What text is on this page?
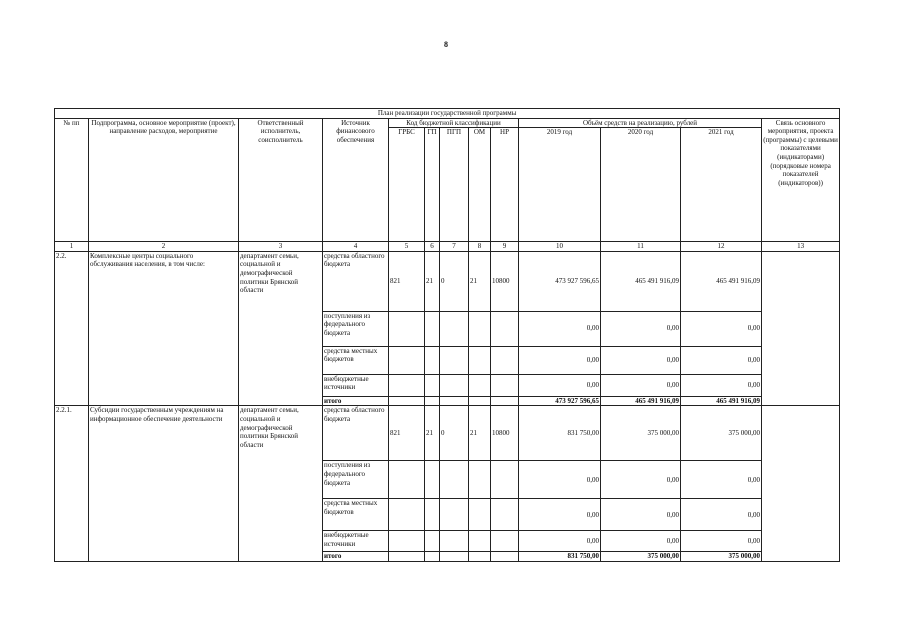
8
План реализации государственной программы												
№ пп	Подпрограмма, основное мероприятие (проект), направление расходов, мероприятие	Ответственный исполнитель, соисполнитель	Источник финансового обеспечения	Код бюджетной классификации					Объём средств на реализацию, рублей			Связь основного мероприятия, проекта (программы) с целевыми показателями (индикаторами) (порядковые номера показателей (индикаторов))
				ГРБС	ГП	ПГП	ОМ	НР	2019 год	2020 год	2021 год	
1	2	3	4	5	6	7	8	9	10	11	12	13
2.2.	Комплексные центры социального обслуживания населения, в том числе:	департамент семьи, социальной и демографической политики Брянской области	средства областного бюджета	821	21	0	21	10800	473 927 596,65	465 491 916,09	465 491 916,09	
			поступления из федерального бюджета						0,00	0,00	0,00	
			средства местных бюджетов						0,00	0,00	0,00	
			внебюджетные источники						0,00	0,00	0,00	
			итого						473 927 596,65	465 491 916,09	465 491 916,09	
2.2.1.	Субсидии государственным учреждениям на информационное обеспечение деятельности	департамент семьи, социальной и демографической политики Брянской области	средства областного бюджета	821	21	0	21	10800	831 750,00	375 000,00	375 000,00	
			поступления из федерального бюджета						0,00	0,00	0,00	
			средства местных бюджетов						0,00	0,00	0,00	
			внебюджетные источники						0,00	0,00	0,00	
			итого						831 750,00	375 000,00	375 000,00	
